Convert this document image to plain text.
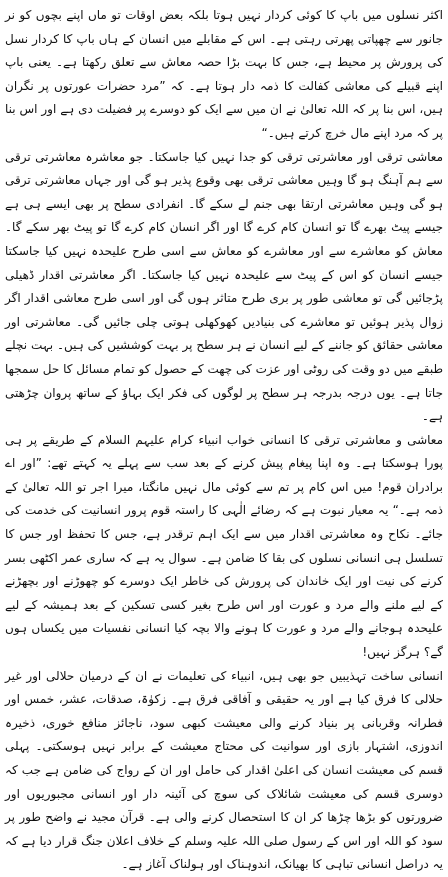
اکثر نسلوں میں باپ کا کوئی کردار نہیں ہوتا بلکہ بعض اوقات تو ماں اپنے بچوں کو نر جانور سے چھپاتی پھرتی رہتی ہے۔ اس کے مقابلے میں انسان کے ہاں باپ کا کردار نسل کی پرورش پر محیط ہے، جس کا بہت بڑا حصہ معاش سے تعلق رکھتا ہے۔ یعنی باپ اپنے قبیلے کی معاشی کفالت کا ذمہ دار ہوتا ہے۔ کہ ”مرد حضرات عورتوں پر نگران ہیں، اس بنا پر کہ اللہ تعالیٰ نے ان میں سے ایک کو دوسرے پر فضیلت دی ہے اور اس بنا پر کہ مرد اپنے مال خرچ کرتے ہیں۔“

معاشی ترقی اور معاشرتی ترقی کو جدا نہیں کیا جاسکتا۔ جو معاشرہ معاشرتی ترقی سے ہم آہنگ ہو گا وہیں معاشی ترقی بھی وقوع پذیر ہو گی اور جہاں معاشرتی ترقی ہو گی وہیں معاشرتی ارتقا بھی جنم لے سکے گا۔ انفرادی سطح پر بھی ایسے ہی ہے جیسے پیٹ بھرے گا تو انسان کام کرے گا اور اگر انسان کام کرے گا تو پیٹ بھر سکے گا۔ معاش کو معاشرے سے اور معاشرے کو معاش سے اسی طرح علیحدہ نہیں کیا جاسکتا جیسے انسان کو اس کے پیٹ سے علیحدہ نہیں کیا جاسکتا۔ اگر معاشرتی اقدار ڈھیلی پڑجائیں گی تو معاشی طور پر بری طرح متاثر ہوں گی اور اسی طرح معاشی اقدار اگر زوال پذیر ہوئیں تو معاشرے کی بنیادیں کھوکھلی ہوتی چلی جائیں گی۔ معاشرتی اور معاشی حقائق کو جاننے کے لیے انسان نے ہر سطح پر بہت کوششیں کی ہیں۔ بہت نچلے طبقے میں دو وقت کی روٹی اور عزت کی چھت کے حصول کو تمام مسائل کا حل سمجھا جاتا ہے۔ یوں درجہ بدرجہ ہر سطح پر لوگوں کی فکر ایک بہاؤ کے ساتھ پروان چڑھتی ہے۔

معاشی و معاشرتی ترقی کا انسانی خواب انبیاء کرام علیہم السلام کے طریقے پر ہی پورا ہوسکتا ہے۔ وہ اپنا پیغام پیش کرنے کے بعد سب سے پہلے یہ کہتے تھے: ”اور اے برادران قوم! میں اس کام پر تم سے کوئی مال نہیں مانگتا، میرا اجر تو اللہ تعالیٰ کے ذمہ ہے۔“ یہ معیار نبوت ہے کہ رضائے الٰہی کا راستہ قوم پرور انسانیت کی خدمت کی جائے۔ نکاح وہ معاشرتی اقدار میں سے ایک اہم ترقدر ہے، جس کا تحفظ اور جس کا تسلسل ہی انسانی نسلوں کی بقا کا ضامن ہے۔ سوال یہ ہے کہ ساری عمر اکٹھی بسر کرنے کی نیت اور ایک خاندان کی پرورش کی خاطر ایک دوسرے کو چھوڑنے اور بچھڑنے کے لیے ملنے والے مرد و عورت اور اس طرح بغیر کسی تسکین کے بعد ہمیشہ کے لیے علیحدہ ہوجانے والے مرد و عورت کا ہونے والا بچہ کیا انسانی نفسیات میں یکساں ہوں گے؟ ہرگز نہیں!

انسانی ساخت تہذیبیں جو بھی ہیں، انبیاء کی تعلیمات نے ان کے درمیان حلالی اور غیر حلالی کا فرق کیا ہے اور یہ حقیقی و آفاقی فرق ہے۔ زکوٰۃ، صدقات، عشر، خمس اور فطرانہ وقربانی پر بنیاد کرنے والی معیشت کبھی سود، ناجائز منافع خوری، ذخیرہ اندوزی، اشتہار بازی اور سوانیت کی محتاج معیشت کے برابر نہیں ہوسکتی۔ پہلی قسم کی معیشت انسان کی اعلیٰ اقدار کی حامل اور ان کے رواج کی ضامن ہے جب کہ دوسری قسم کی معیشت شائلاک کی سوچ کی آئینہ دار اور انسانی مجبوریوں اور ضرورتوں کو بڑھا چڑھا کر ان کا استحصال کرنے والی ہے۔ قرآن مجید نے واضح طور پر سود کو اللہ اور اس کے رسول صلی اللہ علیہ وسلم کے خلاف اعلان جنگ قرار دیا ہے کہ یہ دراصل انسانی تباہی کا بھیانک، اندوہناک اور ہولناک آغاز ہے۔
